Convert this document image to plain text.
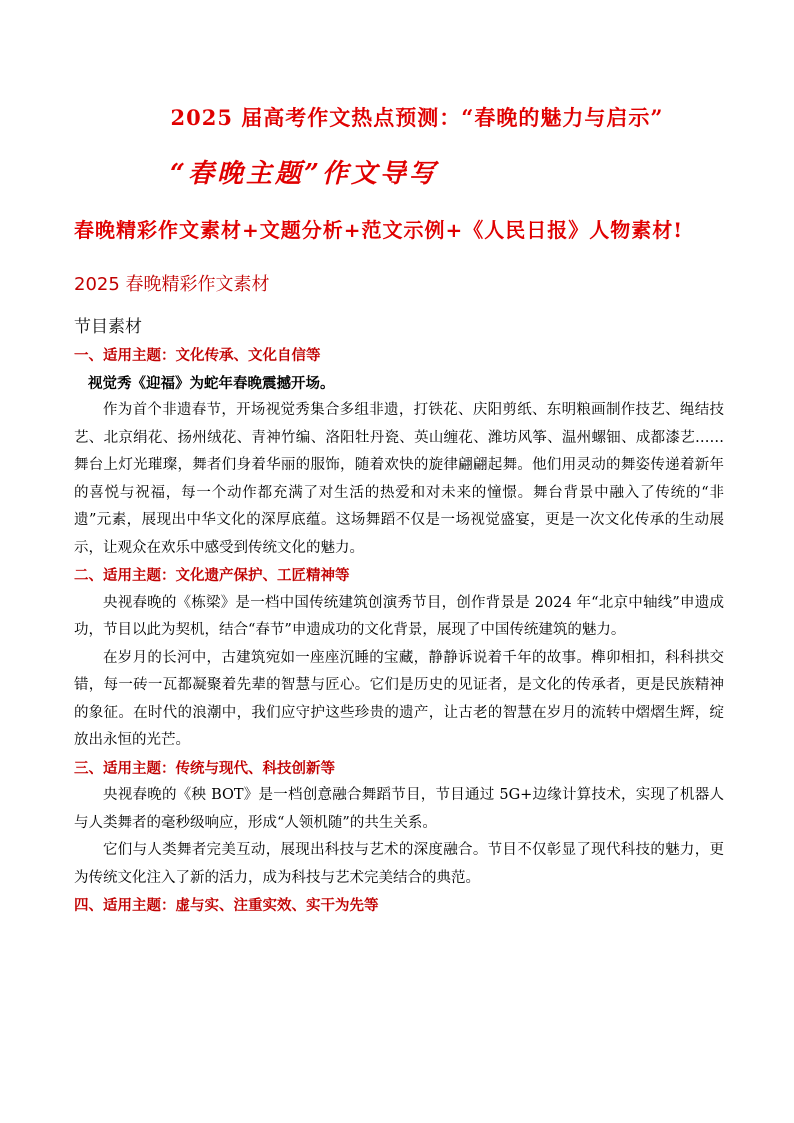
2025 届高考作文热点预测：“春晚的魅力与启示”
“春晚主题”作文导写
春晚精彩作文素材+文题分析+范文示例+《人民日报》人物素材!
2025 春晚精彩作文素材
节目素材

一、适用主题：文化传承、文化自信等

视觉秀《迎福》为蛇年春晚震撼开场。

作为首个非遗春节，开场视觉秀集合多组非遗，打铁花、庆阳剪纸、东明粮画制作技艺、绳结技艺、北京绢花、扬州绒花、青神竹编、洛阳牡丹瓷、英山缠花、潍坊风筝、温州螺钿、成都漆艺……舞台上灯光璀璨，舞者们身着华丽的服饰，随着欢快的旋律翩翩起舞。他们用灵动的舞姿传递着新年的喜悦与祝福，每一个动作都充满了对生活的热爱和对未来的憧憬。舞台背景中融入了传统的“非遗”元素，展现出中华文化的深厚底蕴。这场舞蹈不仅是一场视觉盛宴，更是一次文化传承的生动展示，让观众在欢乐中感受到传统文化的魅力。

二、适用主题：文化遗产保护、工匠精神等

央视春晚的《栋梁》是一档中国传统建筑创演秀节目，创作背景是 2024 年“北京中轴线”申遗成功，节目以此为契机，结合“春节”申遗成功的文化背景，展现了中国传统建筑的魅力。

在岁月的长河中，古建筑宛如一座座沉睡的宝藏，静静诉说着千年的故事。榫卯相扣，科科拱交错，每一砖一瓦都凝聚着先辈的智慧与匠心。它们是历史的见证者，是文化的传承者，更是民族精神的象征。在时代的浪潮中，我们应守护这些珍贵的遗产，让古老的智慧在岁月的流转中熠熠生辉，绽放出永恒的光芒。

三、适用主题：传统与现代、科技创新等

央视春晚的《秧 BOT》是一档创意融合舞蹈节目，节目通过 5G+边缘计算技术，实现了机器人与人类舞者的毫秒级响应，形成“人领机随”的共生关系。

它们与人类舞者完美互动，展现出科技与艺术的深度融合。节目不仅彰显了现代科技的魅力，更为传统文化注入了新的活力，成为科技与艺术完美结合的典范。

四、适用主题：虚与实、注重实效、实干为先等
